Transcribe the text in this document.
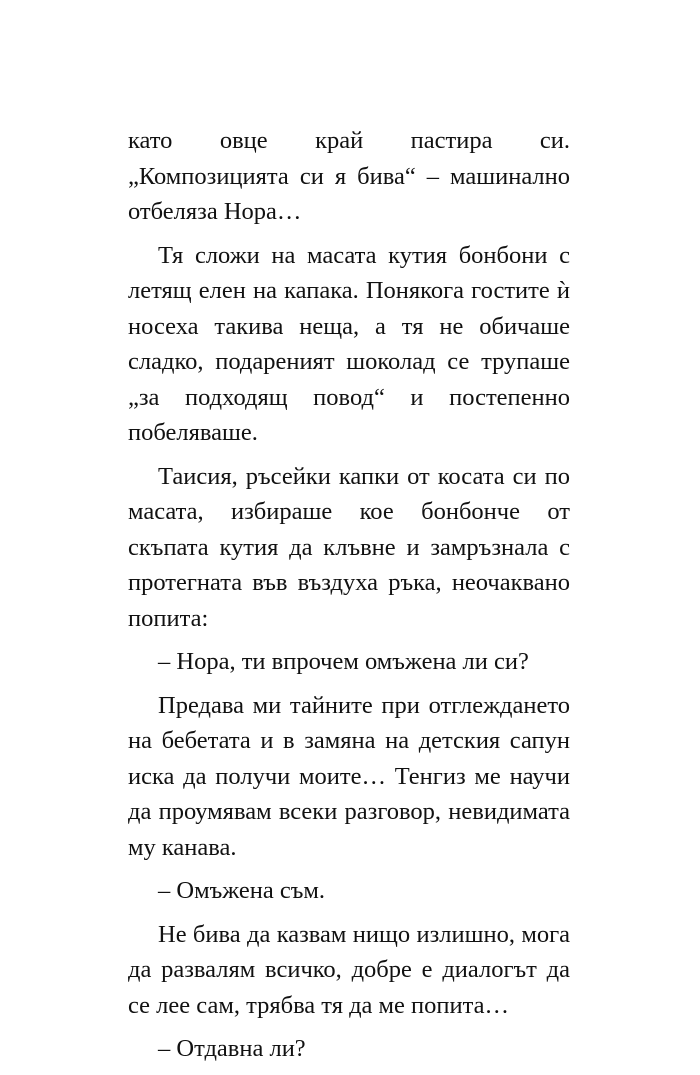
като овце край пастира си.
„Композицията си я бива“ – машинално
отбеляза Нора…

Тя сложи на масата кутия бонбони с летящ елен на капака. Понякога гостите ѝ носеха такива неща, а тя не обичаше сладко, подареният шоколад се трупаше „за подходящ повод“ и постепенно побеляваше.

Таисия, ръсейки капки от косата си по масата, избираше кое бонбонче от скъпата кутия да клъвне и замръзнала с протегната във въздуха ръка, неочаквано попита:

– Нора, ти впрочем омъжена ли си?

Предава ми тайните при отглеждането на бебетата и в замяна на детския сапун иска да получи моите… Тенгиз ме научи да проумявам всеки разговор, невидимата му канава.

– Омъжена съм.

Не бива да казвам нищо излишно, мога да развалям всичко, добре е диалогът да се лее сам, трябва тя да ме попита…

– Отдавна ли?
